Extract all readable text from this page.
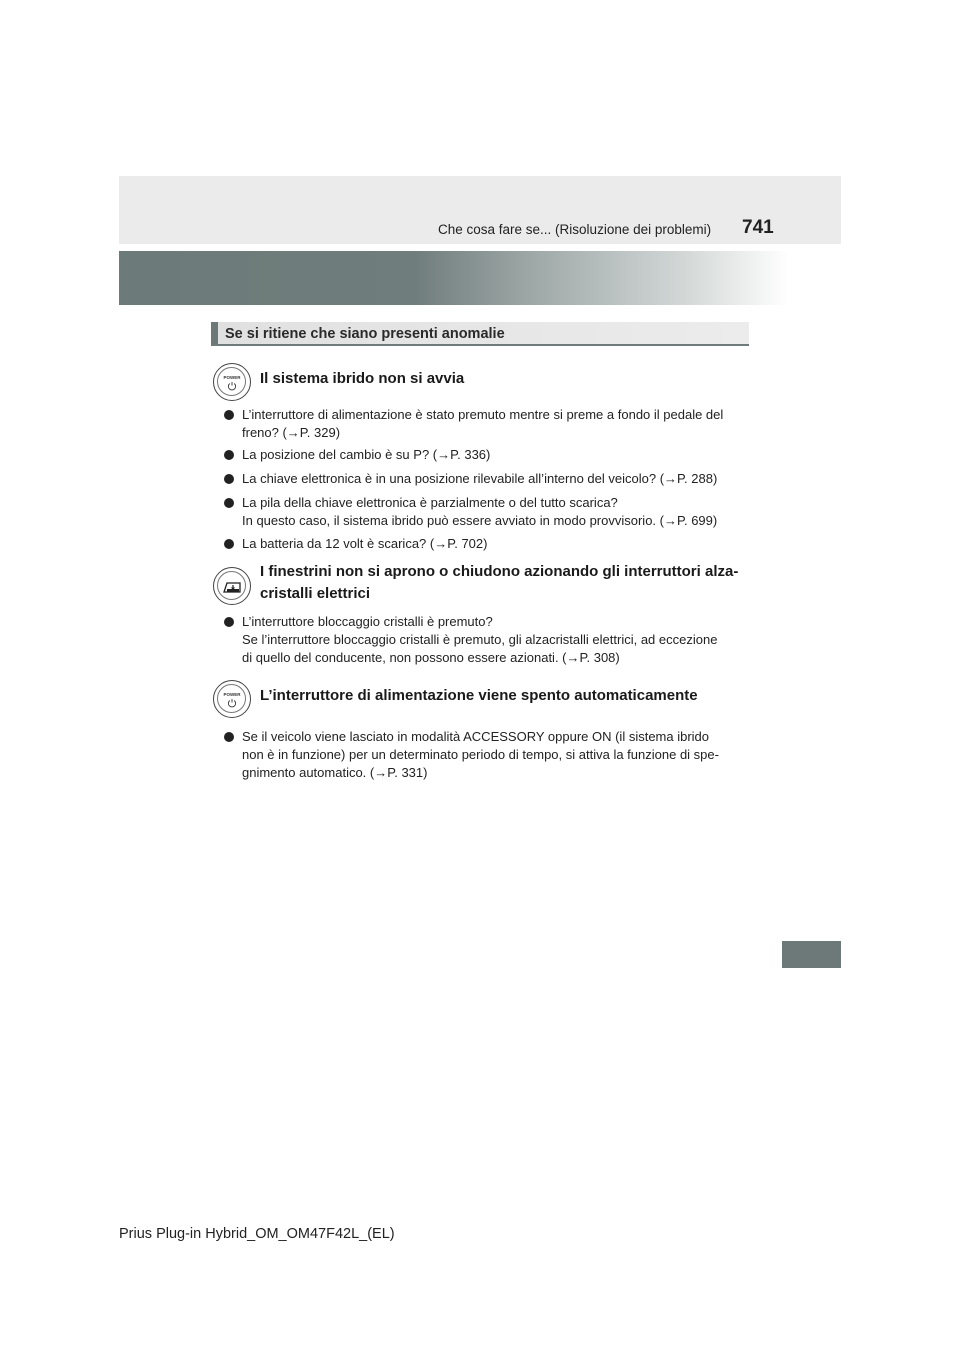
Che cosa fare se... (Risoluzione dei problemi) 741
Se si ritiene che siano presenti anomalie
POWER Il sistema ibrido non si avvia
L’interruttore di alimentazione è stato premuto mentre si preme a fondo il pedale del
freno? (→P. 329)
La posizione del cambio è su P? (→P. 336)
La chiave elettronica è in una posizione rilevabile all’interno del veicolo? (→P. 288)
La pila della chiave elettronica è parzialmente o del tutto scarica?
In questo caso, il sistema ibrido può essere avviato in modo provvisorio. (→P. 699)
La batteria da 12 volt è scarica? (→P. 702)
I finestrini non si aprono o chiudono azionando gli interruttori alza-
cristalli elettrici
L’interruttore bloccaggio cristalli è premuto?
Se l’interruttore bloccaggio cristalli è premuto, gli alzacristalli elettrici, ad eccezione
di quello del conducente, non possono essere azionati. (→P. 308)
POWER L’interruttore di alimentazione viene spento automaticamente
Se il veicolo viene lasciato in modalità ACCESSORY oppure ON (il sistema ibrido
non è in funzione) per un determinato periodo di tempo, si attiva la funzione di spe-
gnimento automatico. (→P. 331)
Prius Plug-in Hybrid_OM_OM47F42L_(EL)
